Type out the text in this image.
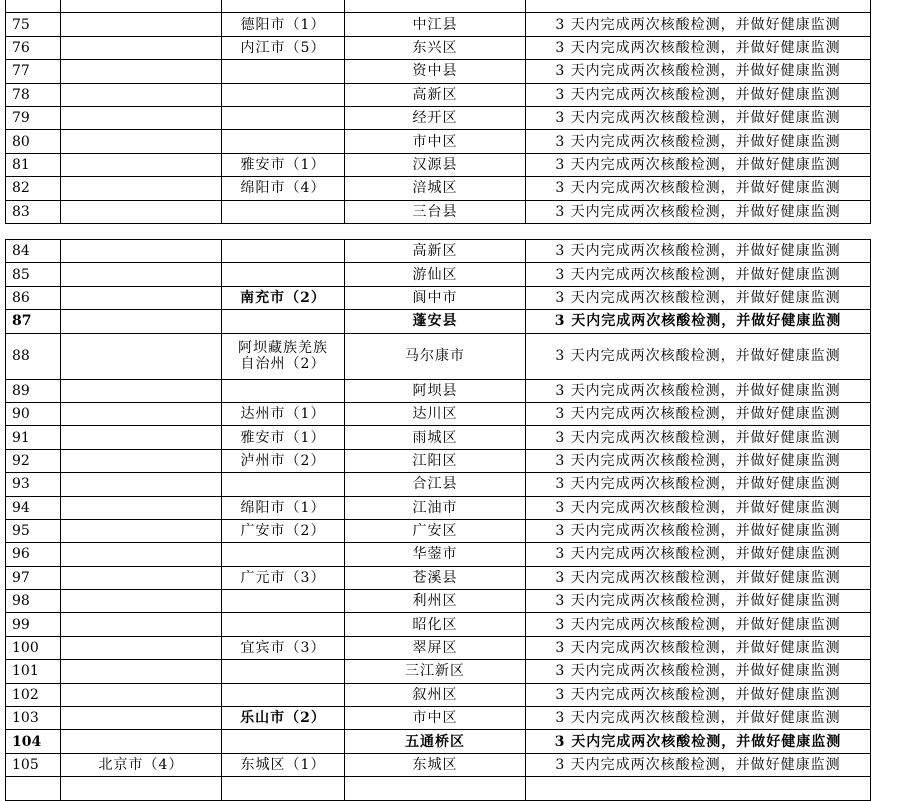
75		德阳市（1）	中江县	3 天内完成两次核酸检测，并做好健康监测
76		内江市（5）	东兴区	3 天内完成两次核酸检测，并做好健康监测
77			资中县	3 天内完成两次核酸检测，并做好健康监测
78			高新区	3 天内完成两次核酸检测，并做好健康监测
79			经开区	3 天内完成两次核酸检测，并做好健康监测
80			市中区	3 天内完成两次核酸检测，并做好健康监测
81		雅安市（1）	汉源县	3 天内完成两次核酸检测，并做好健康监测
82		绵阳市（4）	涪城区	3 天内完成两次核酸检测，并做好健康监测
83			三台县	3 天内完成两次核酸检测，并做好健康监测
84			高新区	3 天内完成两次核酸检测，并做好健康监测
85			游仙区	3 天内完成两次核酸检测，并做好健康监测
86		南充市（2）	阆中市	3 天内完成两次核酸检测，并做好健康监测
87			蓬安县	3 天内完成两次核酸检测，并做好健康监测
88		阿坝藏族羌族自治州（2）	马尔康市	3 天内完成两次核酸检测，并做好健康监测
89			阿坝县	3 天内完成两次核酸检测，并做好健康监测
90		达州市（1）	达川区	3 天内完成两次核酸检测，并做好健康监测
91		雅安市（1）	雨城区	3 天内完成两次核酸检测，并做好健康监测
92		泸州市（2）	江阳区	3 天内完成两次核酸检测，并做好健康监测
93			合江县	3 天内完成两次核酸检测，并做好健康监测
94		绵阳市（1）	江油市	3 天内完成两次核酸检测，并做好健康监测
95		广安市（2）	广安区	3 天内完成两次核酸检测，并做好健康监测
96			华蓥市	3 天内完成两次核酸检测，并做好健康监测
97		广元市（3）	苍溪县	3 天内完成两次核酸检测，并做好健康监测
98			利州区	3 天内完成两次核酸检测，并做好健康监测
99			昭化区	3 天内完成两次核酸检测，并做好健康监测
100		宜宾市（3）	翠屏区	3 天内完成两次核酸检测，并做好健康监测
101			三江新区	3 天内完成两次核酸检测，并做好健康监测
102			叙州区	3 天内完成两次核酸检测，并做好健康监测
103		乐山市（2）	市中区	3 天内完成两次核酸检测，并做好健康监测
104			五通桥区	3 天内完成两次核酸检测，并做好健康监测
105	北京市（4）	东城区（1）	东城区	3 天内完成两次核酸检测，并做好健康监测
